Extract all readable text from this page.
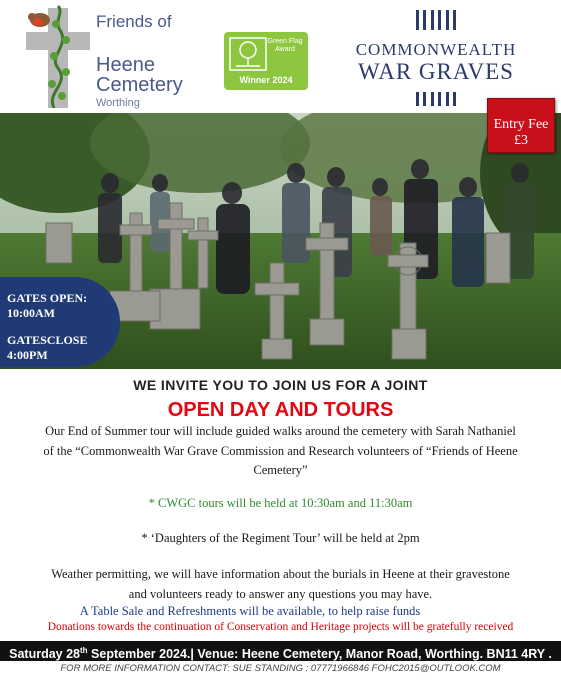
Friends of
Heene
Cemetery
Worthing
Green Flag Award
Winner 2024
COMMONWEALTH
WAR GRAVES
Entry Fee
£3
GATES OPEN:
10:00AM
GATESCLOSE
4:00PM
WE INVITE YOU TO JOIN US FOR A JOINT
OPEN DAY AND TOURS
Our End of Summer tour will include guided walks around the cemetery with Sarah Nathaniel
of the “Commonwealth War Grave Commission and Research volunteers of “Friends of Heene
Cemetery”
* CWGC tours will be held at 10:30am and 11:30am
* ‘Daughters of the Regiment Tour’ will be held at 2pm
Weather permitting, we will have information about the burials in Heene at their gravestone
and volunteers ready to answer any questions you may have.
A Table Sale and Refreshments will be available, to help raise funds
Donations towards the continuation of Conservation and Heritage projects will be gratefully received
Saturday 28th September 2024.| Venue: Heene Cemetery, Manor Road, Worthing. BN11 4RY .
FOR MORE INFORMATION CONTACT: SUE STANDING : 07771966846 FOHC2015@OUTLOOK.COM
